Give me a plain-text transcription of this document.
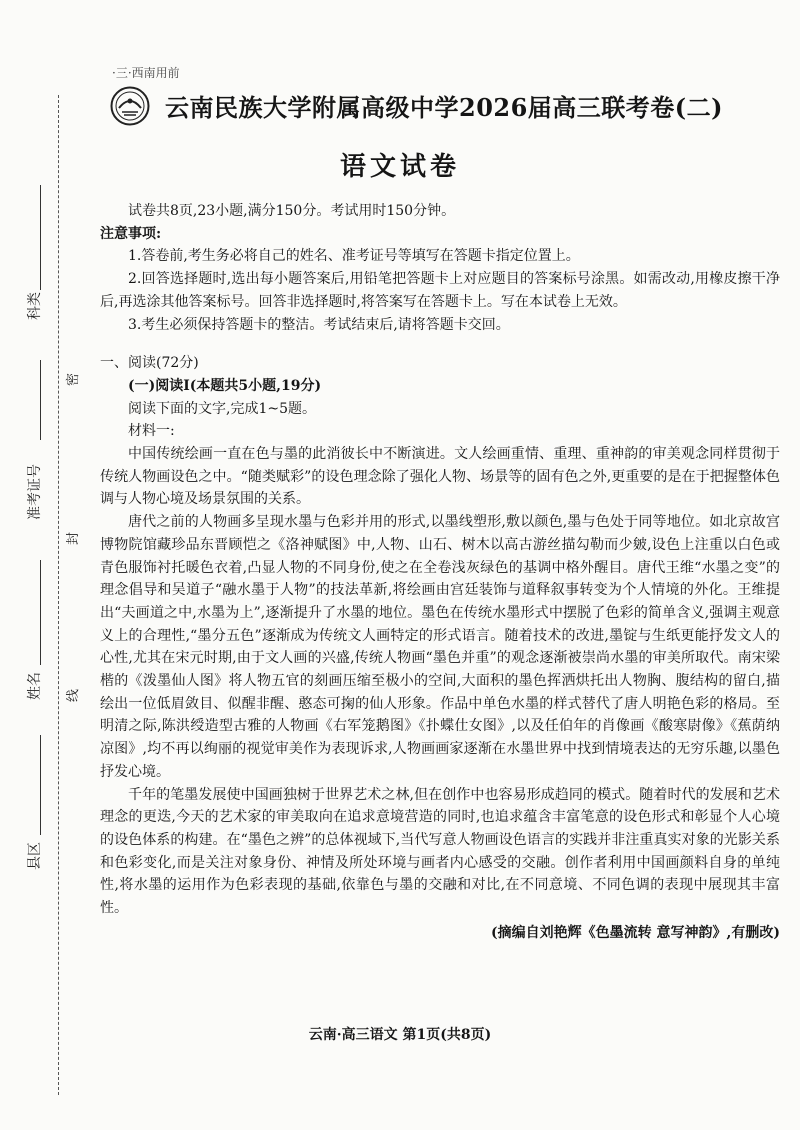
科类
准考证号
姓名
县区
密
封
线
·三·西南用前
云南民族大学附属高级中学2026届高三联考卷(二)
语文试卷

试卷共8页,23小题,满分150分。考试用时150分钟。

注意事项:

1.答卷前,考生务必将自己的姓名、准考证号等填写在答题卡指定位置上。

2.回答选择题时,选出每小题答案后,用铅笔把答题卡上对应题目的答案标号涂黑。如需改动,用橡皮擦干净后,再选涂其他答案标号。回答非选择题时,将答案写在答题卡上。写在本试卷上无效。

3.考生必须保持答题卡的整洁。考试结束后,请将答题卡交回。

一、阅读(72分)

(一)阅读Ⅰ(本题共5小题,19分)

阅读下面的文字,完成1~5题。

材料一:

中国传统绘画一直在色与墨的此消彼长中不断演进。文人绘画重情、重理、重神韵的审美观念同样贯彻于传统人物画设色之中。“随类赋彩”的设色理念除了强化人物、场景等的固有色之外,更重要的是在于把握整体色调与人物心境及场景氛围的关系。

唐代之前的人物画多呈现水墨与色彩并用的形式,以墨线塑形,敷以颜色,墨与色处于同等地位。如北京故宫博物院馆藏珍品东晋顾恺之《洛神赋图》中,人物、山石、树木以高古游丝描勾勒而少皴,设色上注重以白色或青色服饰衬托暖色衣着,凸显人物的不同身份,使之在全卷浅灰绿色的基调中格外醒目。唐代王维“水墨之变”的理念倡导和吴道子“融水墨于人物”的技法革新,将绘画由宫廷装饰与道释叙事转变为个人情境的外化。王维提出“夫画道之中,水墨为上”,逐渐提升了水墨的地位。墨色在传统水墨形式中摆脱了色彩的简单含义,强调主观意义上的合理性,“墨分五色”逐渐成为传统文人画特定的形式语言。随着技术的改进,墨锭与生纸更能抒发文人的心性,尤其在宋元时期,由于文人画的兴盛,传统人物画“墨色并重”的观念逐渐被崇尚水墨的审美所取代。南宋梁楷的《泼墨仙人图》将人物五官的刻画压缩至极小的空间,大面积的墨色挥洒烘托出人物胸、腹结构的留白,描绘出一位低眉敛目、似醒非醒、憨态可掬的仙人形象。作品中单色水墨的样式替代了唐人明艳色彩的格局。至明清之际,陈洪绶造型古雅的人物画《右军笼鹅图》《扑蝶仕女图》,以及任伯年的肖像画《酸寒尉像》《蕉荫纳凉图》,均不再以绚丽的视觉审美作为表现诉求,人物画画家逐渐在水墨世界中找到情境表达的无穷乐趣,以墨色抒发心境。

千年的笔墨发展使中国画独树于世界艺术之林,但在创作中也容易形成趋同的模式。随着时代的发展和艺术理念的更迭,今天的艺术家的审美取向在追求意境营造的同时,也追求蕴含丰富笔意的设色形式和彰显个人心境的设色体系的构建。在“墨色之辨”的总体视域下,当代写意人物画设色语言的实践并非注重真实对象的光影关系和色彩变化,而是关注对象身份、神情及所处环境与画者内心感受的交融。创作者利用中国画颜料自身的单纯性,将水墨的运用作为色彩表现的基础,依靠色与墨的交融和对比,在不同意境、不同色调的表现中展现其丰富性。

(摘编自刘艳辉《色墨流转 意写神韵》,有删改)

云南·高三语文 第1页(共8页)
